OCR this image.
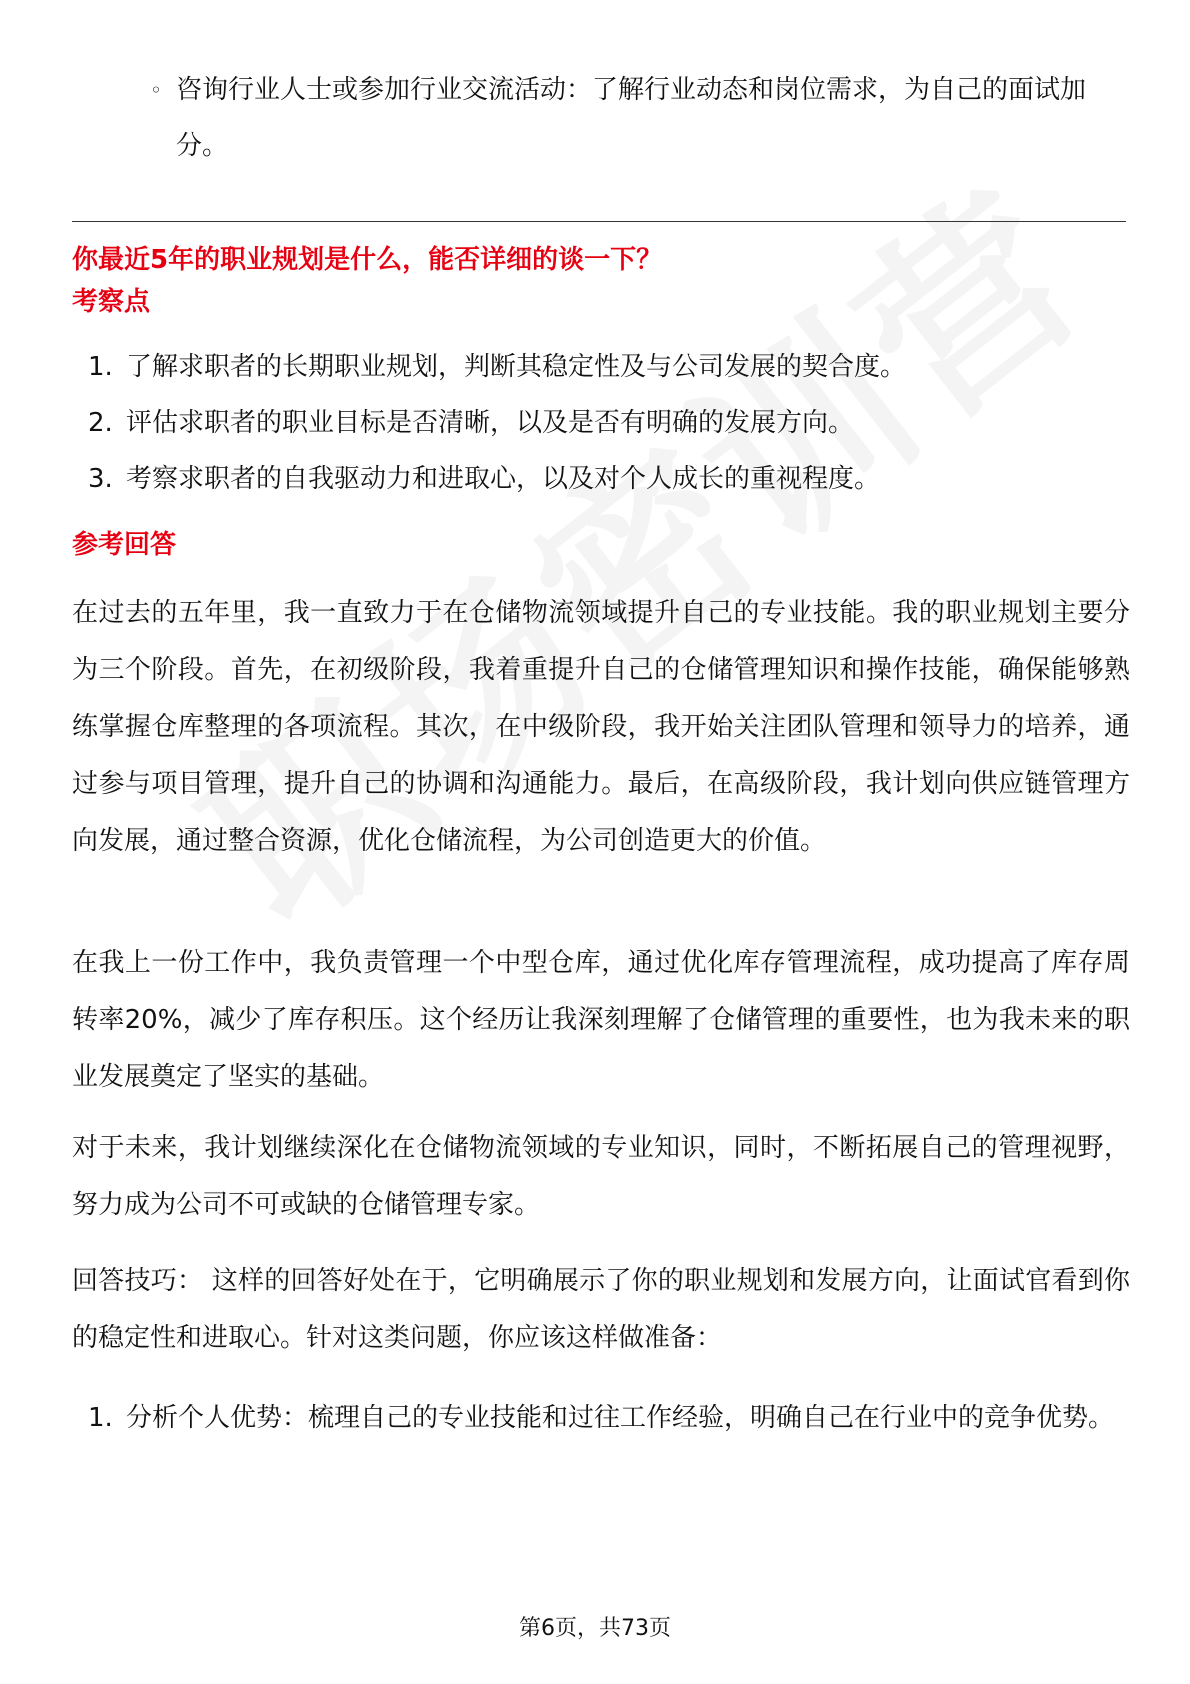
◦ 咨询行业人士或参加行业交流活动：了解行业动态和岗位需求，为自己的面试加分。
你最近5年的职业规划是什么，能否详细的谈一下？
考察点
1. 了解求职者的长期职业规划，判断其稳定性及与公司发展的契合度。
2. 评估求职者的职业目标是否清晰，以及是否有明确的发展方向。
3. 考察求职者的自我驱动力和进取心，以及对个人成长的重视程度。
参考回答

在过去的五年里，我一直致力于在仓储物流领域提升自己的专业技能。我的职业规划主要分为三个阶段。首先，在初级阶段，我着重提升自己的仓储管理知识和操作技能，确保能够熟练掌握仓库整理的各项流程。其次，在中级阶段，我开始关注团队管理和领导力的培养，通过参与项目管理，提升自己的协调和沟通能力。最后，在高级阶段，我计划向供应链管理方向发展，通过整合资源，优化仓储流程，为公司创造更大的价值。

在我上一份工作中，我负责管理一个中型仓库，通过优化库存管理流程，成功提高了库存周转率20%，减少了库存积压。这个经历让我深刻理解了仓储管理的重要性，也为我未来的职业发展奠定了坚实的基础。

对于未来，我计划继续深化在仓储物流领域的专业知识，同时，不断拓展自己的管理视野，努力成为公司不可或缺的仓储管理专家。

回答技巧： 这样的回答好处在于，它明确展示了你的职业规划和发展方向，让面试官看到你的稳定性和进取心。针对这类问题，你应该这样做准备：

1. 分析个人优势：梳理自己的专业技能和过往工作经验，明确自己在行业中的竞争优势。
第6页，共73页
